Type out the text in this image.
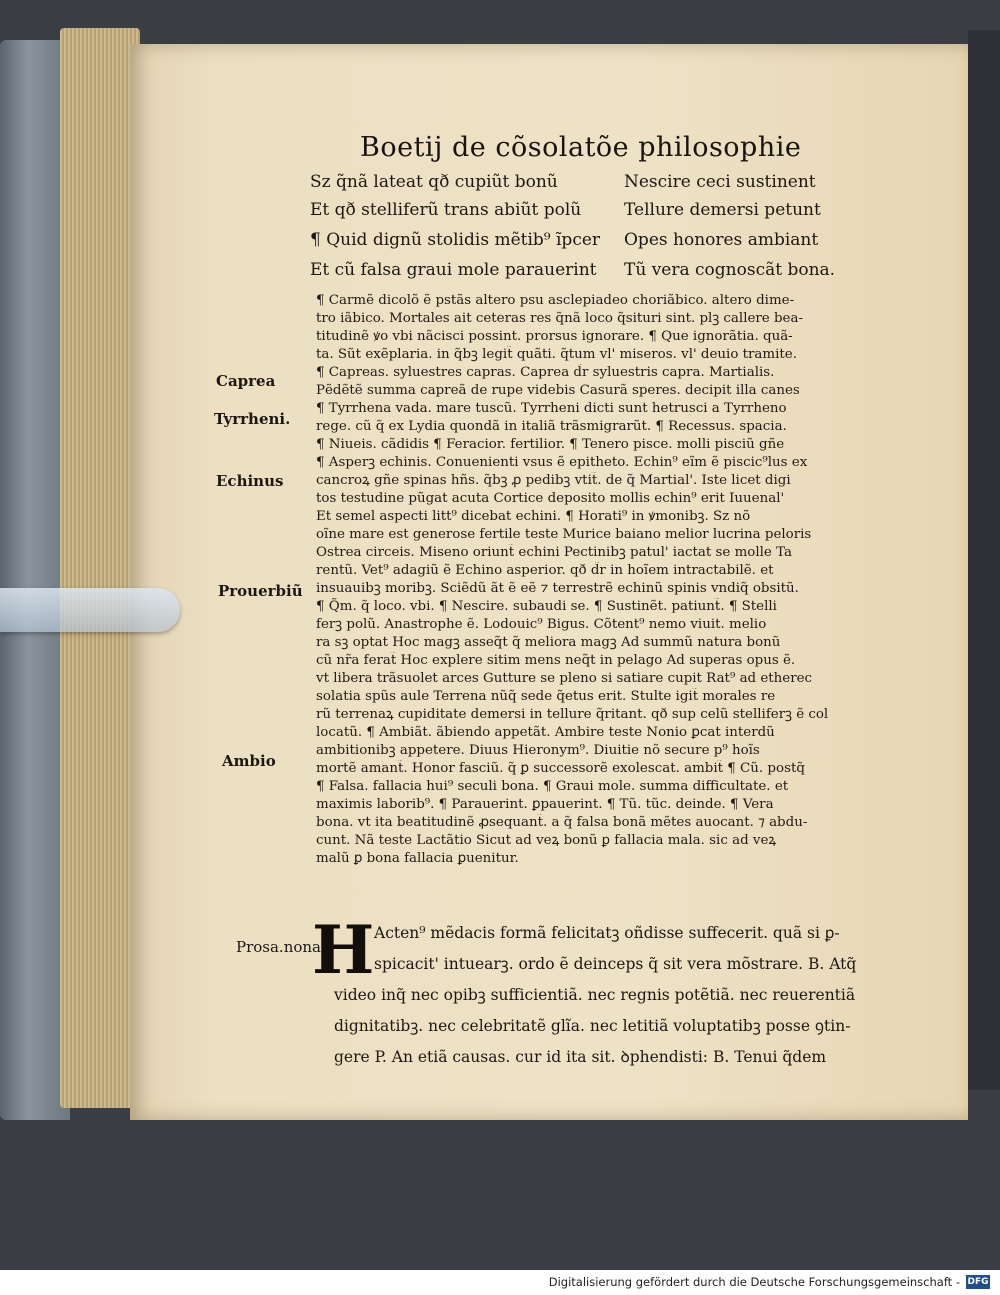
Boetij de cõsolatõe philosophie
Sz q̃nã lateat qð cupiũt bonũ	Nescire ceci sustinent
Et qð stelliferũ trans abiũt polũ	Tellure demersi petunt
¶ Quid dignũ stolidis mẽtib⁹ ĩpcer Opes honores ambiant
Et cũ falsa graui mole parauerint Tũ vera cognoscãt bona.

¶ Carmẽ dicolõ ẽ pstãs altero psu asclepiadeo choriãbico. altero dime-

tro iãbico. Mortales ait ceteras res q̃nã loco q̃situri sint. plꝫ callere bea-

titudinẽ ꝟo vbi nãcisci possint. prorsus ignorare. ¶ Que ignorãtia. quã-

ta. Sũt exẽplaria. in q̃bꝫ legit̃ quãti. q̃tum vl' miseros. vl' deuio tramite.

¶ Capreas. syluestres capras. Caprea d̃r syluestris capra. Martialis.

Pẽdẽtẽ summa capreã de rupe videbis Casurã speres. decipit illa canes

¶ Tyrrhena vada. mare tuscũ. Tyrrheni dicti sunt hetrusci a Tyrrheno

rege. cũ q̃ ex Lydia quondã in italiã trãsmigrarũt. ¶ Recessus. spacia.

¶ Niueis. cãdidis ¶ Feracior. fertilior. ¶ Tenero pisce. molli pisciũ gñe

¶ Asperꝫ echinis. Conuenienti vsus ẽ epitheto. Echin⁹ eĩm ẽ piscic⁹lus ex

cancroꝝ gñe spinas hñs. q̃bꝫ ꝓ pedibꝫ vtit̃. de q̃ Martial'. Iste licet digi

tos testudine pũgat acuta Cortice deposito mollis echin⁹ erit Iuuenal'

Et semel aspecti litt⁹ dicebat echini. ¶ Horati⁹ in ꝟmonibꝫ. Sz nõ

oĩne mare est generose fertile teste Murice baiano melior lucrina peloris

Ostrea circeis. Miseno oriunt̃ echini Pectinibꝫ patul' iactat se molle Ta

rentũ. Vet⁹ adagiũ ẽ Echino asperior. qð d̃r in hoĩem intractabilẽ. et

insuauibꝫ moribꝫ. Sciẽdũ ãt ẽ eẽ ⁊ terrestrẽ echinũ spinis vndiq̃ obsitũ.

¶ Q̃m. q̃ loco. vbi. ¶ Nescire. subaudi se. ¶ Sustinẽt. patiunt̃. ¶ Stelli

ferꝫ polũ. Anastrophe ẽ. Lodouic⁹ Bigus. Cõtent⁹ nemo viuit. melio

ra sꝫ optat Hoc magꝫ asseq̃t q̃ meliora magꝫ Ad summũ natura bonũ

cũ nr̃a ferat̃ Hoc explere sitim mens neq̃t in pelago Ad superas opus ẽ.

vt libera trãsuolet arces Gutture se pleno si satiare cupit Rat⁹ ad etherec

solatia spũs aule Terrena nũq̃ sede q̃etus erit. Stulte igit̃ morales re

rũ terrenaꝝ cupiditate demersi in tellure q̃ritant. qð sup celũ stelliferꝫ ẽ col

locatũ. ¶ Ambiãt. ãbiendo appetãt. Ambire teste Nonio ꝑcat interdũ

ambitionibꝫ appetere. Diuus Hieronym⁹. Diuitie nõ secure p⁹ hoĩs

mortẽ amant̃. Honor fasciũ. q̃ ꝑ successorẽ exolescat. ambit̃ ¶ Cũ. postq̃

¶ Falsa. fallacia hui⁹ seculi bona. ¶ Graui mole. summa difficultate. et

maximis laborib⁹. ¶ Parauerint. ꝑpauerint. ¶ Tũ. tũc. deinde. ¶ Vera

bona. vt ita beatitudinẽ ꝓsequant̃. a q̃ falsa bonã mẽtes auocant. ⁊ abdu-

cunt. Nã teste Lactãtio Sicut ad veꝝ bonũ ꝑ fallacia mala. sic ad veꝝ

malũ ꝑ bona fallacia ꝑuenitur.

Caprea
Tyrrheni.
Echinus
Prouerbiũ
Ambio
Prosa.nona
H Acten⁹ mẽdacis formã felicitatꝫ oñdisse suffecerit. quã si ꝑ-

spicacit' intuearꝫ. ordo ẽ deinceps q̃ sit vera mõstrare. B. Atq̃

video inq̃ nec opibꝫ sufficientiã. nec regnis potẽtiã. nec reuerentiã

dignitatibꝫ. nec celebritatẽ glĩa. nec letitiã voluptatibꝫ posse ꝯtin-

gere P. An etiã causas. cur id ita sit. ꝺphendisti: B. Tenui q̃dem

Digitalisierung gefördert durch die Deutsche Forschungsgemeinschaft - DFG
